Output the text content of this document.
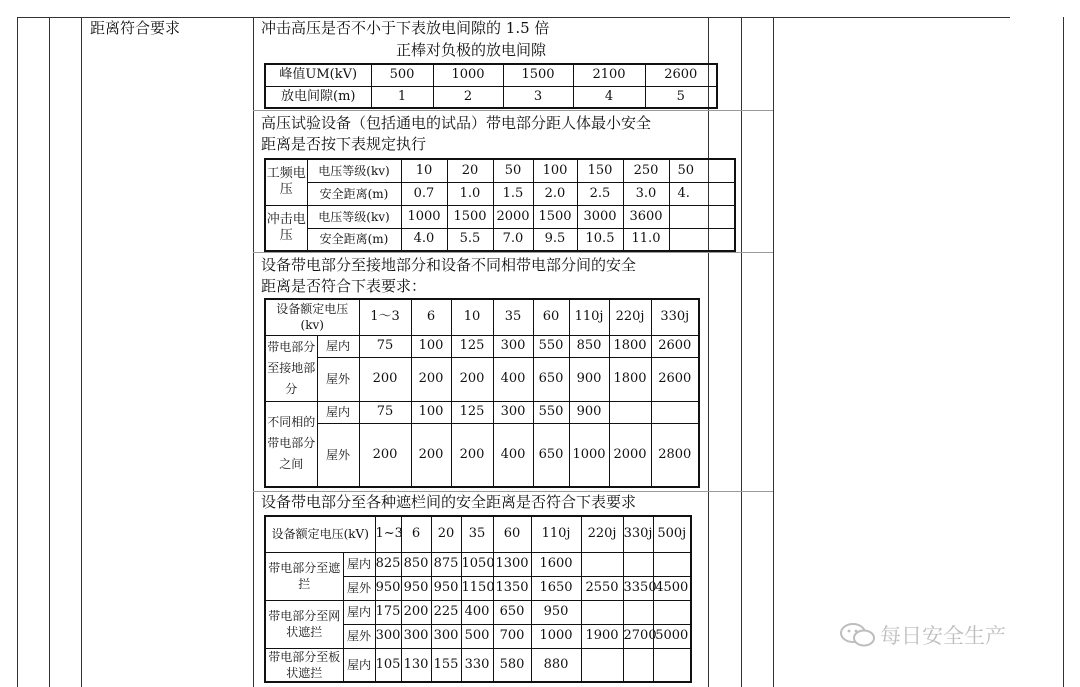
距离符合要求	冲击高压是否不小于下表放电间隙的 1.5 倍
正棒对负极的放电间隙
峰值UM(kV)	500	1000	1500	2100	2600
放电间隙(m)	1	2	3	4	5
高压试验设备（包括通电的试品）带电部分距人体最小安全
距离是否按下表规定执行
工频电压	电压等级(kv)	10	20	50	100	150	250	50
	安全距离(m)	0.7	1.0	1.5	2.0	2.5	3.0	4.
冲击电压	电压等级(kv)	1000	1500	2000	1500	3000	3600	
	安全距离(m)	4.0	5.5	7.0	9.5	10.5	11.0	
设备带电部分至接地部分和设备不同相带电部分间的安全
距离是否符合下表要求：
设备额定电压(kv)		1～3	6	10	35	60	110j	220j	330j
带电部分至接地部分	屋内	75	100	125	300	550	850	1800	2600
	屋外	200	200	200	400	650	900	1800	2600
不同相的带电部分之间	屋内	75	100	125	300	550	900		
	屋外	200	200	200	400	650	1000	2000	2800
设备带电部分至各种遮栏间的安全距离是否符合下表要求
设备额定电压(kV)		1~3	6	20	35	60	110j	220j	330j	500j
带电部分至遮拦	屋内	825	850	875	1050	1300	1600			
	屋外	950	950	950	1150	1350	1650	2550	3350	4500
带电部分至网状遮拦	屋内	175	200	225	400	650	950			
	屋外	300	300	300	500	700	1000	1900	2700	5000
带电部分至板状遮拦	屋内	105	130	155	330	580	880			
每日安全生产
